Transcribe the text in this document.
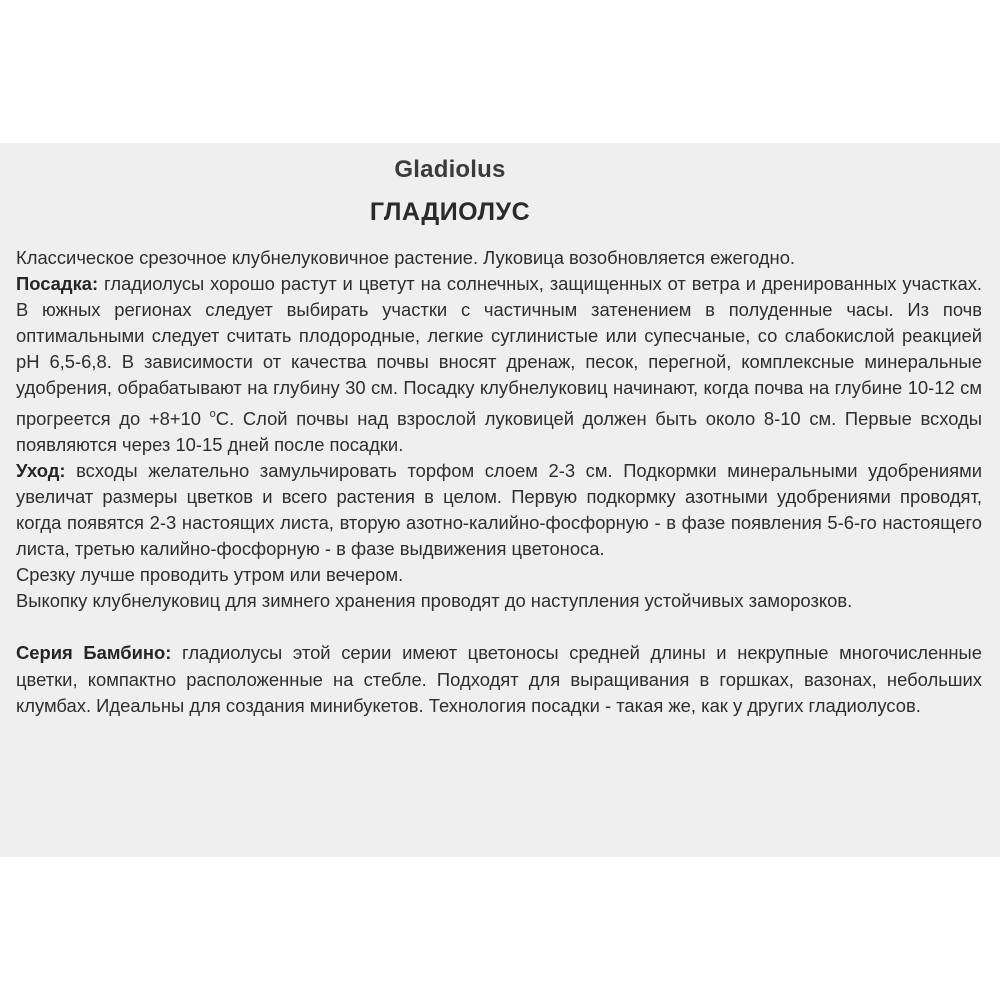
Gladiolus
ГЛАДИОЛУС

Классическое срезочное клубнелуковичное растение. Луковица возобновляется ежегодно.

Посадка: гладиолусы хорошо растут и цветут на солнечных, защищенных от ветра и дренированных участках. В южных регионах следует выбирать участки с частичным затенением в полуденные часы. Из почв оптимальными следует считать плодородные, легкие суглинистые или супесчаные, со слабокислой реакцией pH 6,5-6,8. В зависимости от качества почвы вносят дренаж, песок, перегной, комплексные минеральные удобрения, обрабатывают на глубину 30 см. Посадку клубнелуковиц начинают, когда почва на глубине 10-12 см прогреется до +8+10 $^о$С. Слой почвы над взрослой луковицей должен быть около 8-10 см. Первые всходы появляются через 10-15 дней после посадки.

Уход: всходы желательно замульчировать торфом слоем 2-3 см. Подкормки минеральными удобрениями увеличат размеры цветков и всего растения в целом. Первую подкормку азотными удобрениями проводят, когда появятся 2-3 настоящих листа, вторую азотно-калийно-фосфорную - в фазе появления 5-6-го настоящего листа, третью калийно-фосфорную - в фазе выдвижения цветоноса.

Срезку лучше проводить утром или вечером.

Выкопку клубнелуковиц для зимнего хранения проводят до наступления устойчивых заморозков.

Серия Бамбино: гладиолусы этой серии имеют цветоносы средней длины и некрупные многочисленные цветки, компактно расположенные на стебле. Подходят для выращивания в горшках, вазонах, небольших клумбах. Идеальны для создания минибукетов. Технология посадки - такая же, как у других гладиолусов.
